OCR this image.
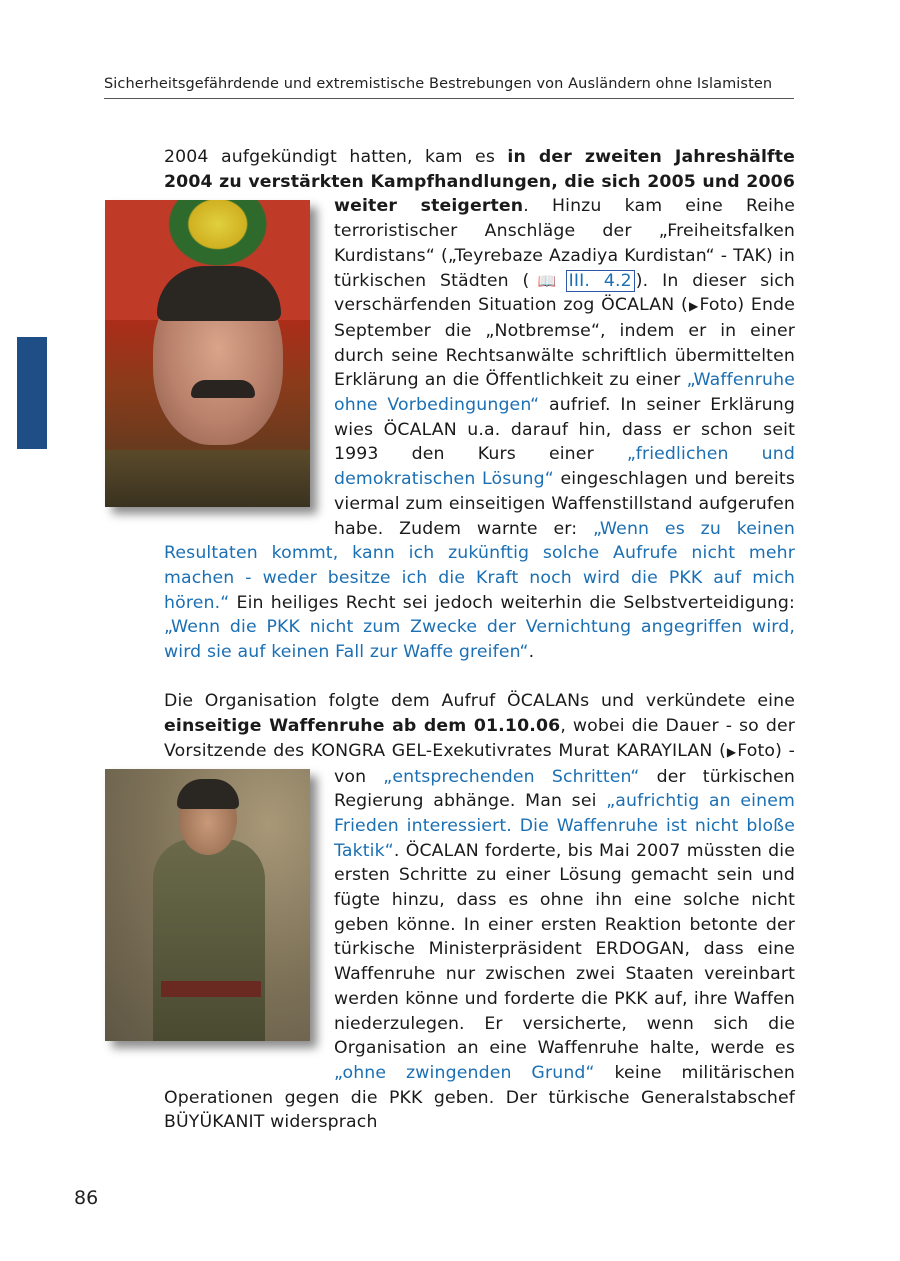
Sicherheitsgefährdende und extremistische Bestrebungen von Ausländern ohne Islamisten

2004 aufgekündigt hatten, kam es in der zweiten Jahreshälfte 2004 zu verstärkten Kampfhandlungen, die sich 2005 und 2006 weiter steigerten
. Hinzu kam eine Reihe terroristischer Anschläge der „Freiheitsfalken Kurdistans“ („Teyrebaze Azadiya Kurdistan“ - TAK) in türkischen Städten (📖 III. 4.2 ). In dieser sich verschärfenden Situation zog ÖCALAN (▶Foto) Ende September die „Notbremse“, indem er in einer durch seine Rechtsanwälte schriftlich übermittelten Erklärung an die Öffentlichkeit zu einer „Waffenruhe ohne Vorbedingungen“ aufrief. In seiner Erklärung wies ÖCALAN u.a. darauf hin, dass er schon seit 1993 den Kurs einer „friedlichen und demokratischen Lösung“ eingeschlagen und bereits viermal zum einseitigen Waffenstillstand aufgerufen habe. Zudem warnte er: „Wenn es zu keinen Resultaten kommt, kann ich zukünftig solche Aufrufe nicht mehr machen - weder besitze ich die Kraft noch wird die PKK auf mich hören.“ Ein heiliges Recht sei jedoch weiterhin die Selbstverteidigung: „Wenn die PKK nicht zum Zwecke der Vernichtung angegriffen wird, wird sie auf keinen Fall zur Waffe greifen“.

Die Organisation folgte dem Aufruf ÖCALANs und verkündete eine einseitige Waffenruhe ab dem 01.10.06, wobei die Dauer - so der Vorsitzende des KONGRA GEL-Exekutivrates Murat KARAYILAN (▶Foto)
- von „entsprechenden Schritten“ der türkischen Regierung abhänge. Man sei „aufrichtig an einem Frieden interessiert. Die Waffenruhe ist nicht bloße Taktik“. ÖCALAN forderte, bis Mai 2007 müssten die ersten Schritte zu einer Lösung gemacht sein und fügte hinzu, dass es ohne ihn eine solche nicht geben könne. In einer ersten Reaktion betonte der türkische Ministerpräsident ERDOGAN, dass eine Waffenruhe nur zwischen zwei Staaten vereinbart werden könne und forderte die PKK auf, ihre Waffen niederzulegen. Er versicherte, wenn sich die Organisation an eine Waffenruhe halte, werde es „ohne zwingenden Grund“ keine militärischen Operationen gegen die PKK geben. Der türkische Generalstabschef BÜYÜKANIT widersprach

86
